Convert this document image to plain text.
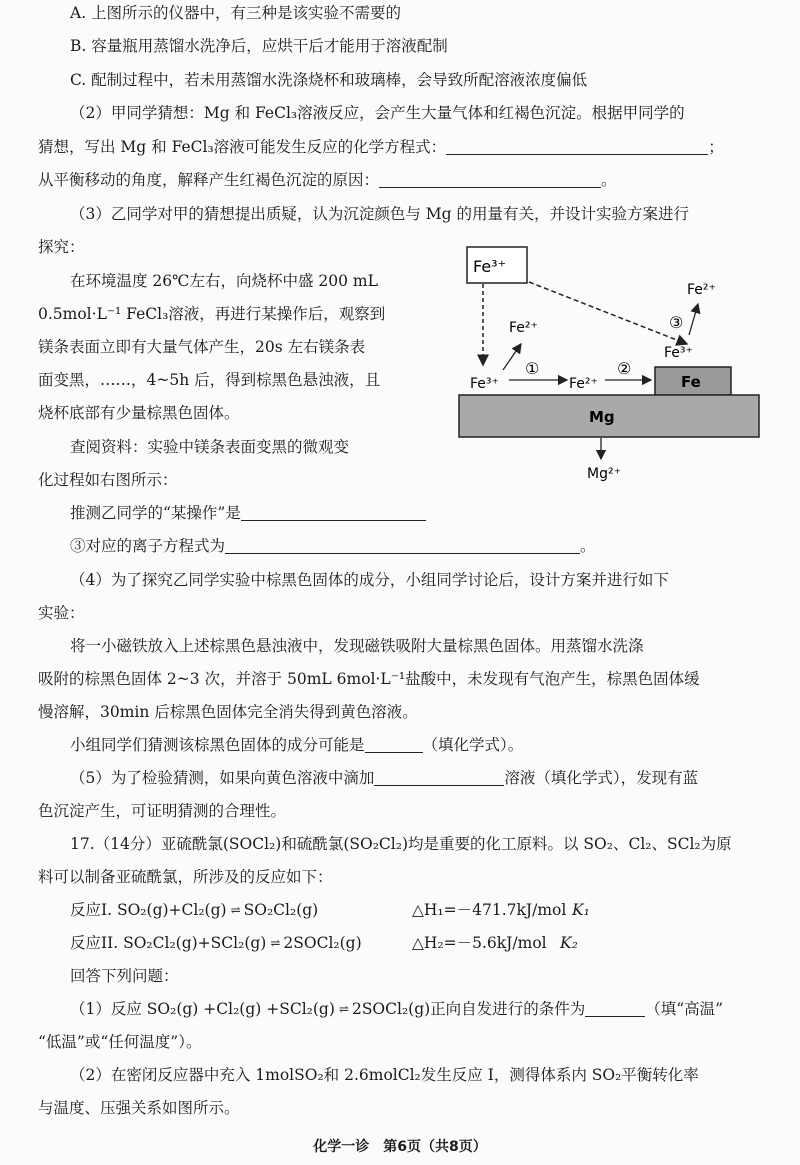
A. 上图所示的仪器中，有三种是该实验不需要的
B. 容量瓶用蒸馏水洗净后，应烘干后才能用于溶液配制
C. 配制过程中，若未用蒸馏水洗涤烧杯和玻璃棒，会导致所配溶液浓度偏低
（2）甲同学猜想：Mg 和 FeCl₃溶液反应，会产生大量气体和红褐色沉淀。根据甲同学的
猜想，写出 Mg 和 FeCl₃溶液可能发生反应的化学方程式：	；
从平衡移动的角度，解释产生红褐色沉淀的原因：	。
（3）乙同学对甲的猜想提出质疑，认为沉淀颜色与 Mg 的用量有关，并设计实验方案进行
探究：
在环境温度 26℃左右，向烧杯中盛 200 mL
0.5mol·L⁻¹ FeCl₃溶液，再进行某操作后，观察到
镁条表面立即有大量气体产生，20s 左右镁条表
面变黑，……，4~5h 后，得到棕黑色悬浊液，且
烧杯底部有少量棕黑色固体。
查阅资料：实验中镁条表面变黑的微观变
化过程如右图所示：
推测乙同学的“某操作”是
③对应的离子方程式为	。
Fe³⁺
Fe²⁺
③
Fe³⁺
Fe²⁺
Fe³⁺
①
Fe²⁺
②
Fe
Mg
Mg²⁺
（4）为了探究乙同学实验中棕黑色固体的成分，小组同学讨论后，设计方案并进行如下
实验：
将一小磁铁放入上述棕黑色悬浊液中，发现磁铁吸附大量棕黑色固体。用蒸馏水洗涤
吸附的棕黑色固体 2~3 次，并溶于 50mL 6mol·L⁻¹盐酸中，未发现有气泡产生，棕黑色固体缓
慢溶解，30min 后棕黑色固体完全消失得到黄色溶液。
小组同学们猜测该棕黑色固体的成分可能是	（填化学式）。
（5）为了检验猜测，如果向黄色溶液中滴加	溶液（填化学式），发现有蓝
色沉淀产生，可证明猜测的合理性。
17.（14分）亚硫酰氯(SOCl₂)和硫酰氯(SO₂Cl₂)均是重要的化工原料。以 SO₂、Cl₂、SCl₂为原
料可以制备亚硫酰氯，所涉及的反应如下：
反应I. SO₂(g)+Cl₂(g) ⇌ SO₂Cl₂(g)	△H₁=－471.7kJ/mol K₁
反应II. SO₂Cl₂(g)+SCl₂(g) ⇌ 2SOCl₂(g)	△H₂=－5.6kJ/mol K₂
回答下列问题：
（1）反应 SO₂(g) +Cl₂(g) +SCl₂(g) ⇌ 2SOCl₂(g)正向自发进行的条件为	（填“高温”
“低温”或“任何温度”）。
（2）在密闭反应器中充入 1molSO₂和 2.6molCl₂发生反应 Ⅰ，测得体系内 SO₂平衡转化率
与温度、压强关系如图所示。
化学一诊　第6页（共8页）
